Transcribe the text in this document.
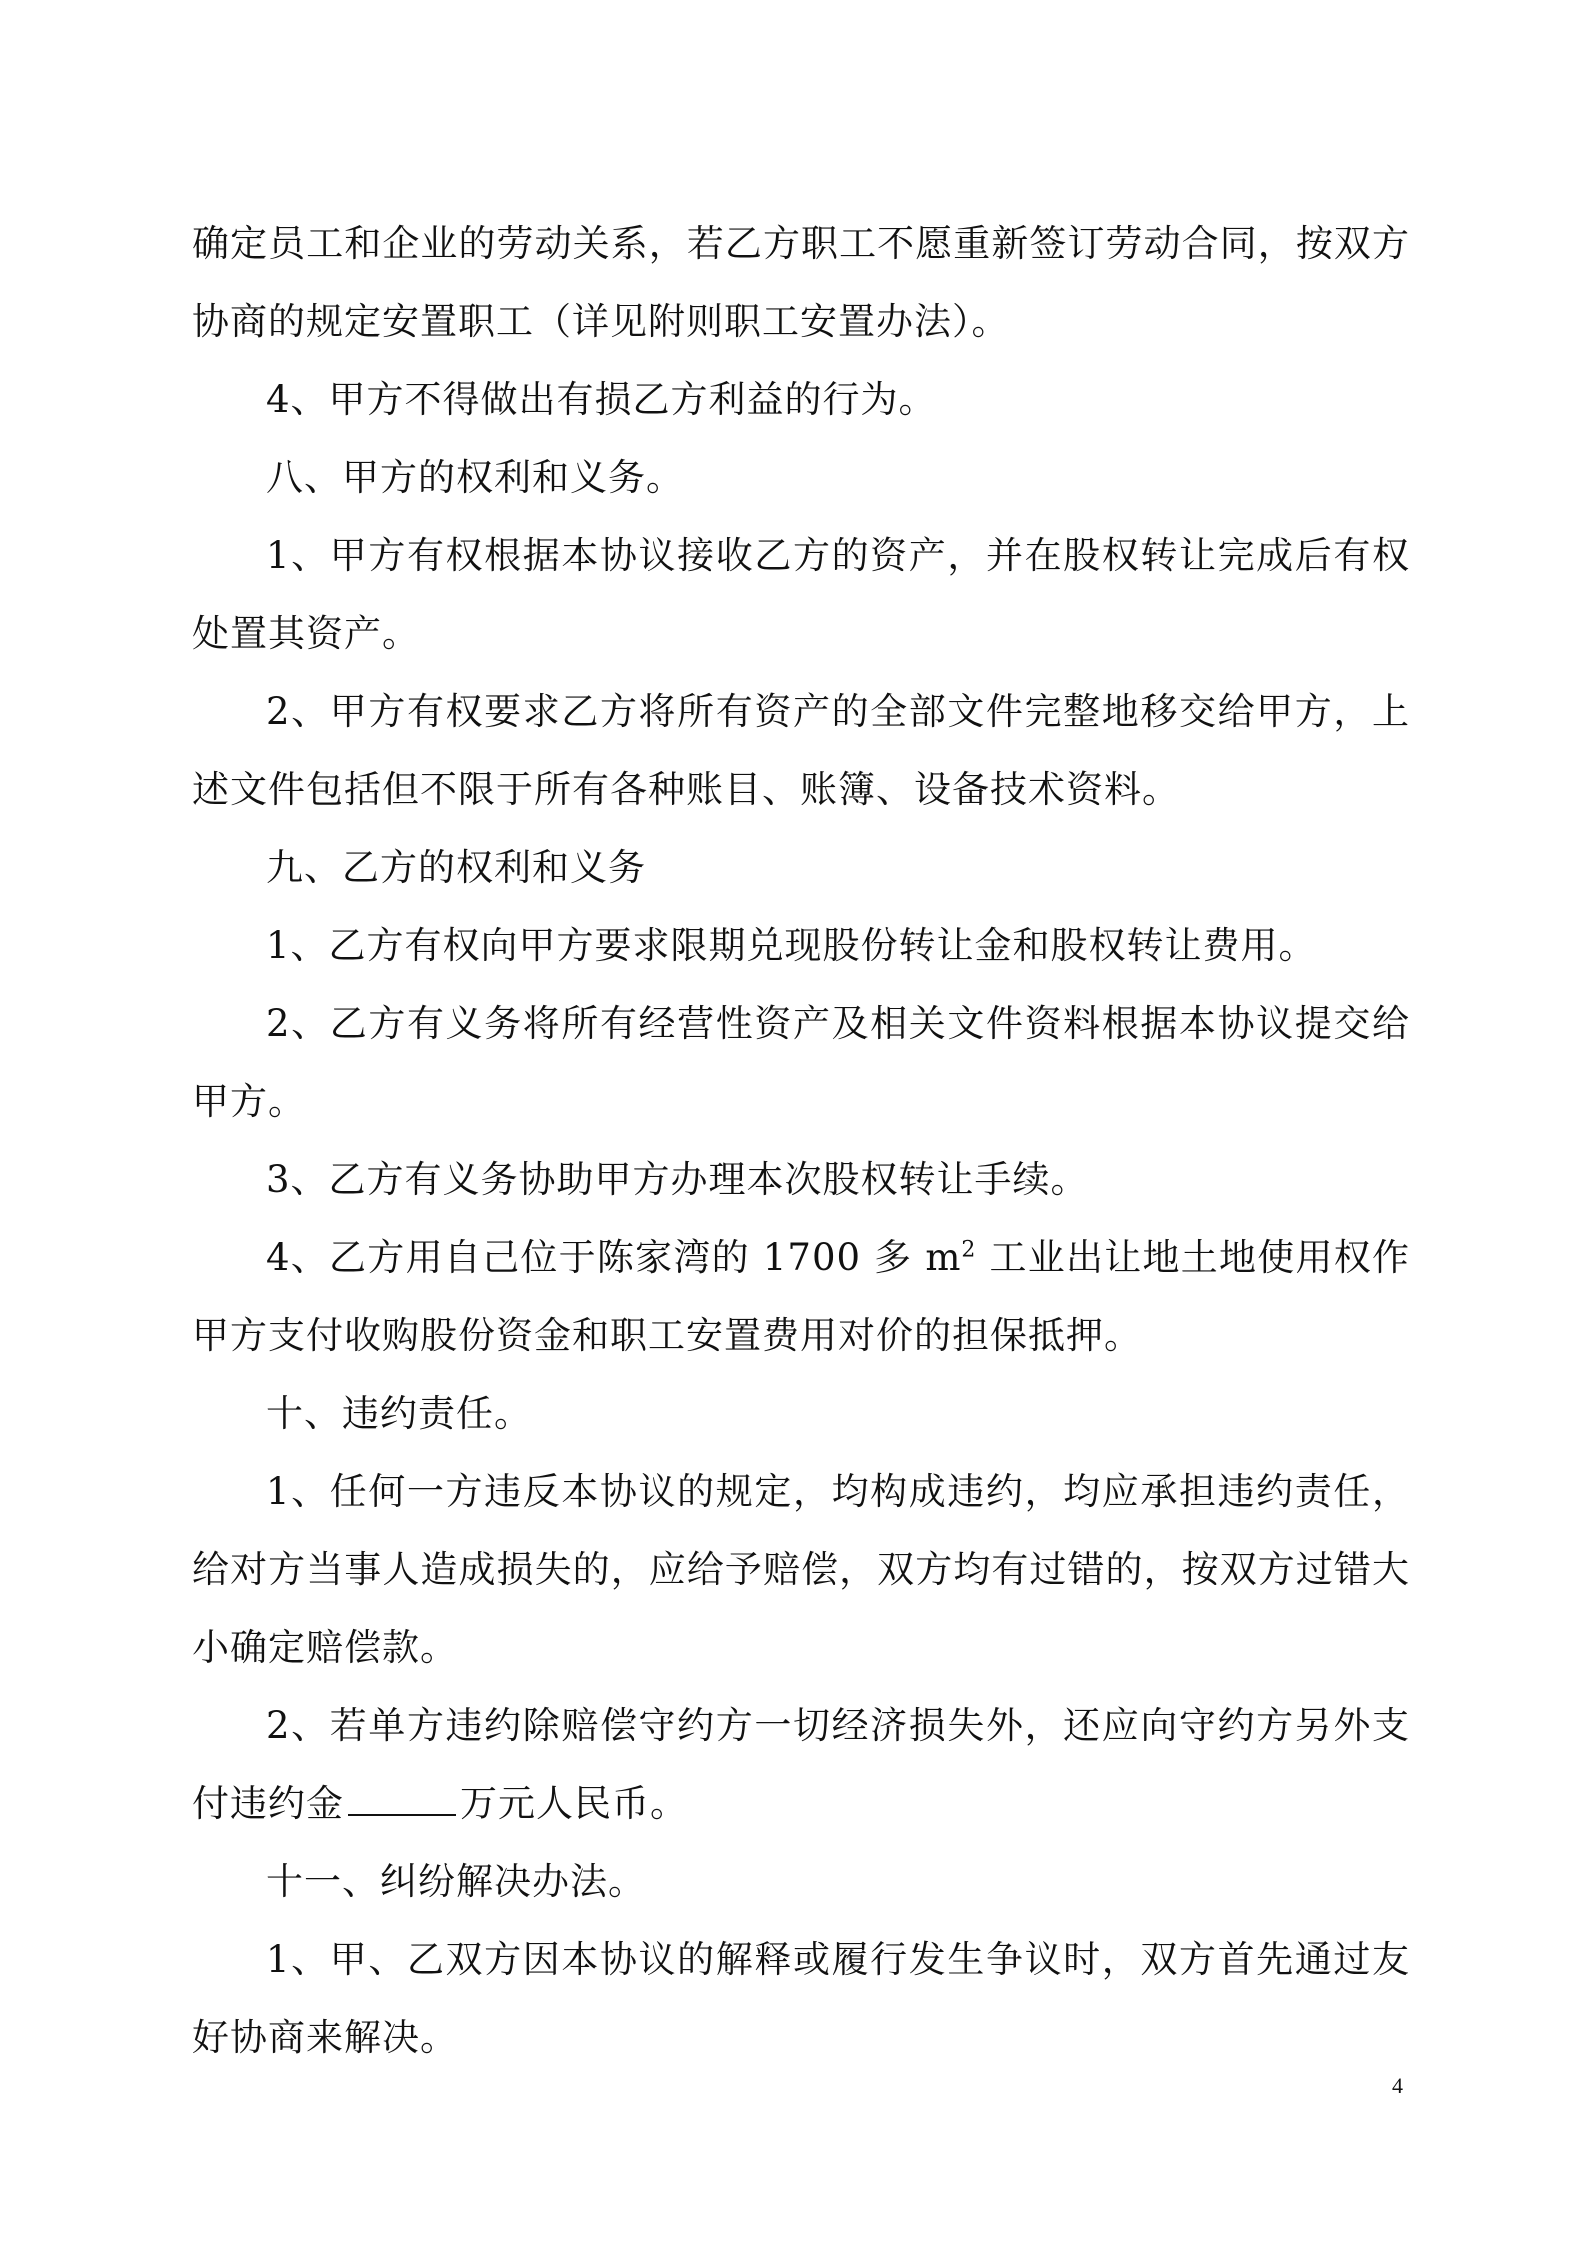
确定员工和企业的劳动关系，若乙方职工不愿重新签订劳动合同，按双方协商的规定安置职工（详见附则职工安置办法）。

4、甲方不得做出有损乙方利益的行为。

八、甲方的权利和义务。

1、甲方有权根据本协议接收乙方的资产，并在股权转让完成后有权处置其资产。

2、甲方有权要求乙方将所有资产的全部文件完整地移交给甲方，上述文件包括但不限于所有各种账目、账簿、设备技术资料。

九、乙方的权利和义务

1、乙方有权向甲方要求限期兑现股份转让金和股权转让费用。

2、乙方有义务将所有经营性资产及相关文件资料根据本协议提交给甲方。

3、乙方有义务协助甲方办理本次股权转让手续。

4、乙方用自己位于陈家湾的 1700 多 $m^2$ 工业出让地土地使用权作甲方支付收购股份资金和职工安置费用对价的担保抵押。

十、违约责任。

1、任何一方违反本协议的规定，均构成违约，均应承担违约责任，给对方当事人造成损失的，应给予赔偿，双方均有过错的，按双方过错大小确定赔偿款。

2、若单方违约除赔偿守约方一切经济损失外，还应向守约方另外支付违约金	万元人民币。

十一、纠纷解决办法。

1、甲、乙双方因本协议的解释或履行发生争议时，双方首先通过友好协商来解决。

4
